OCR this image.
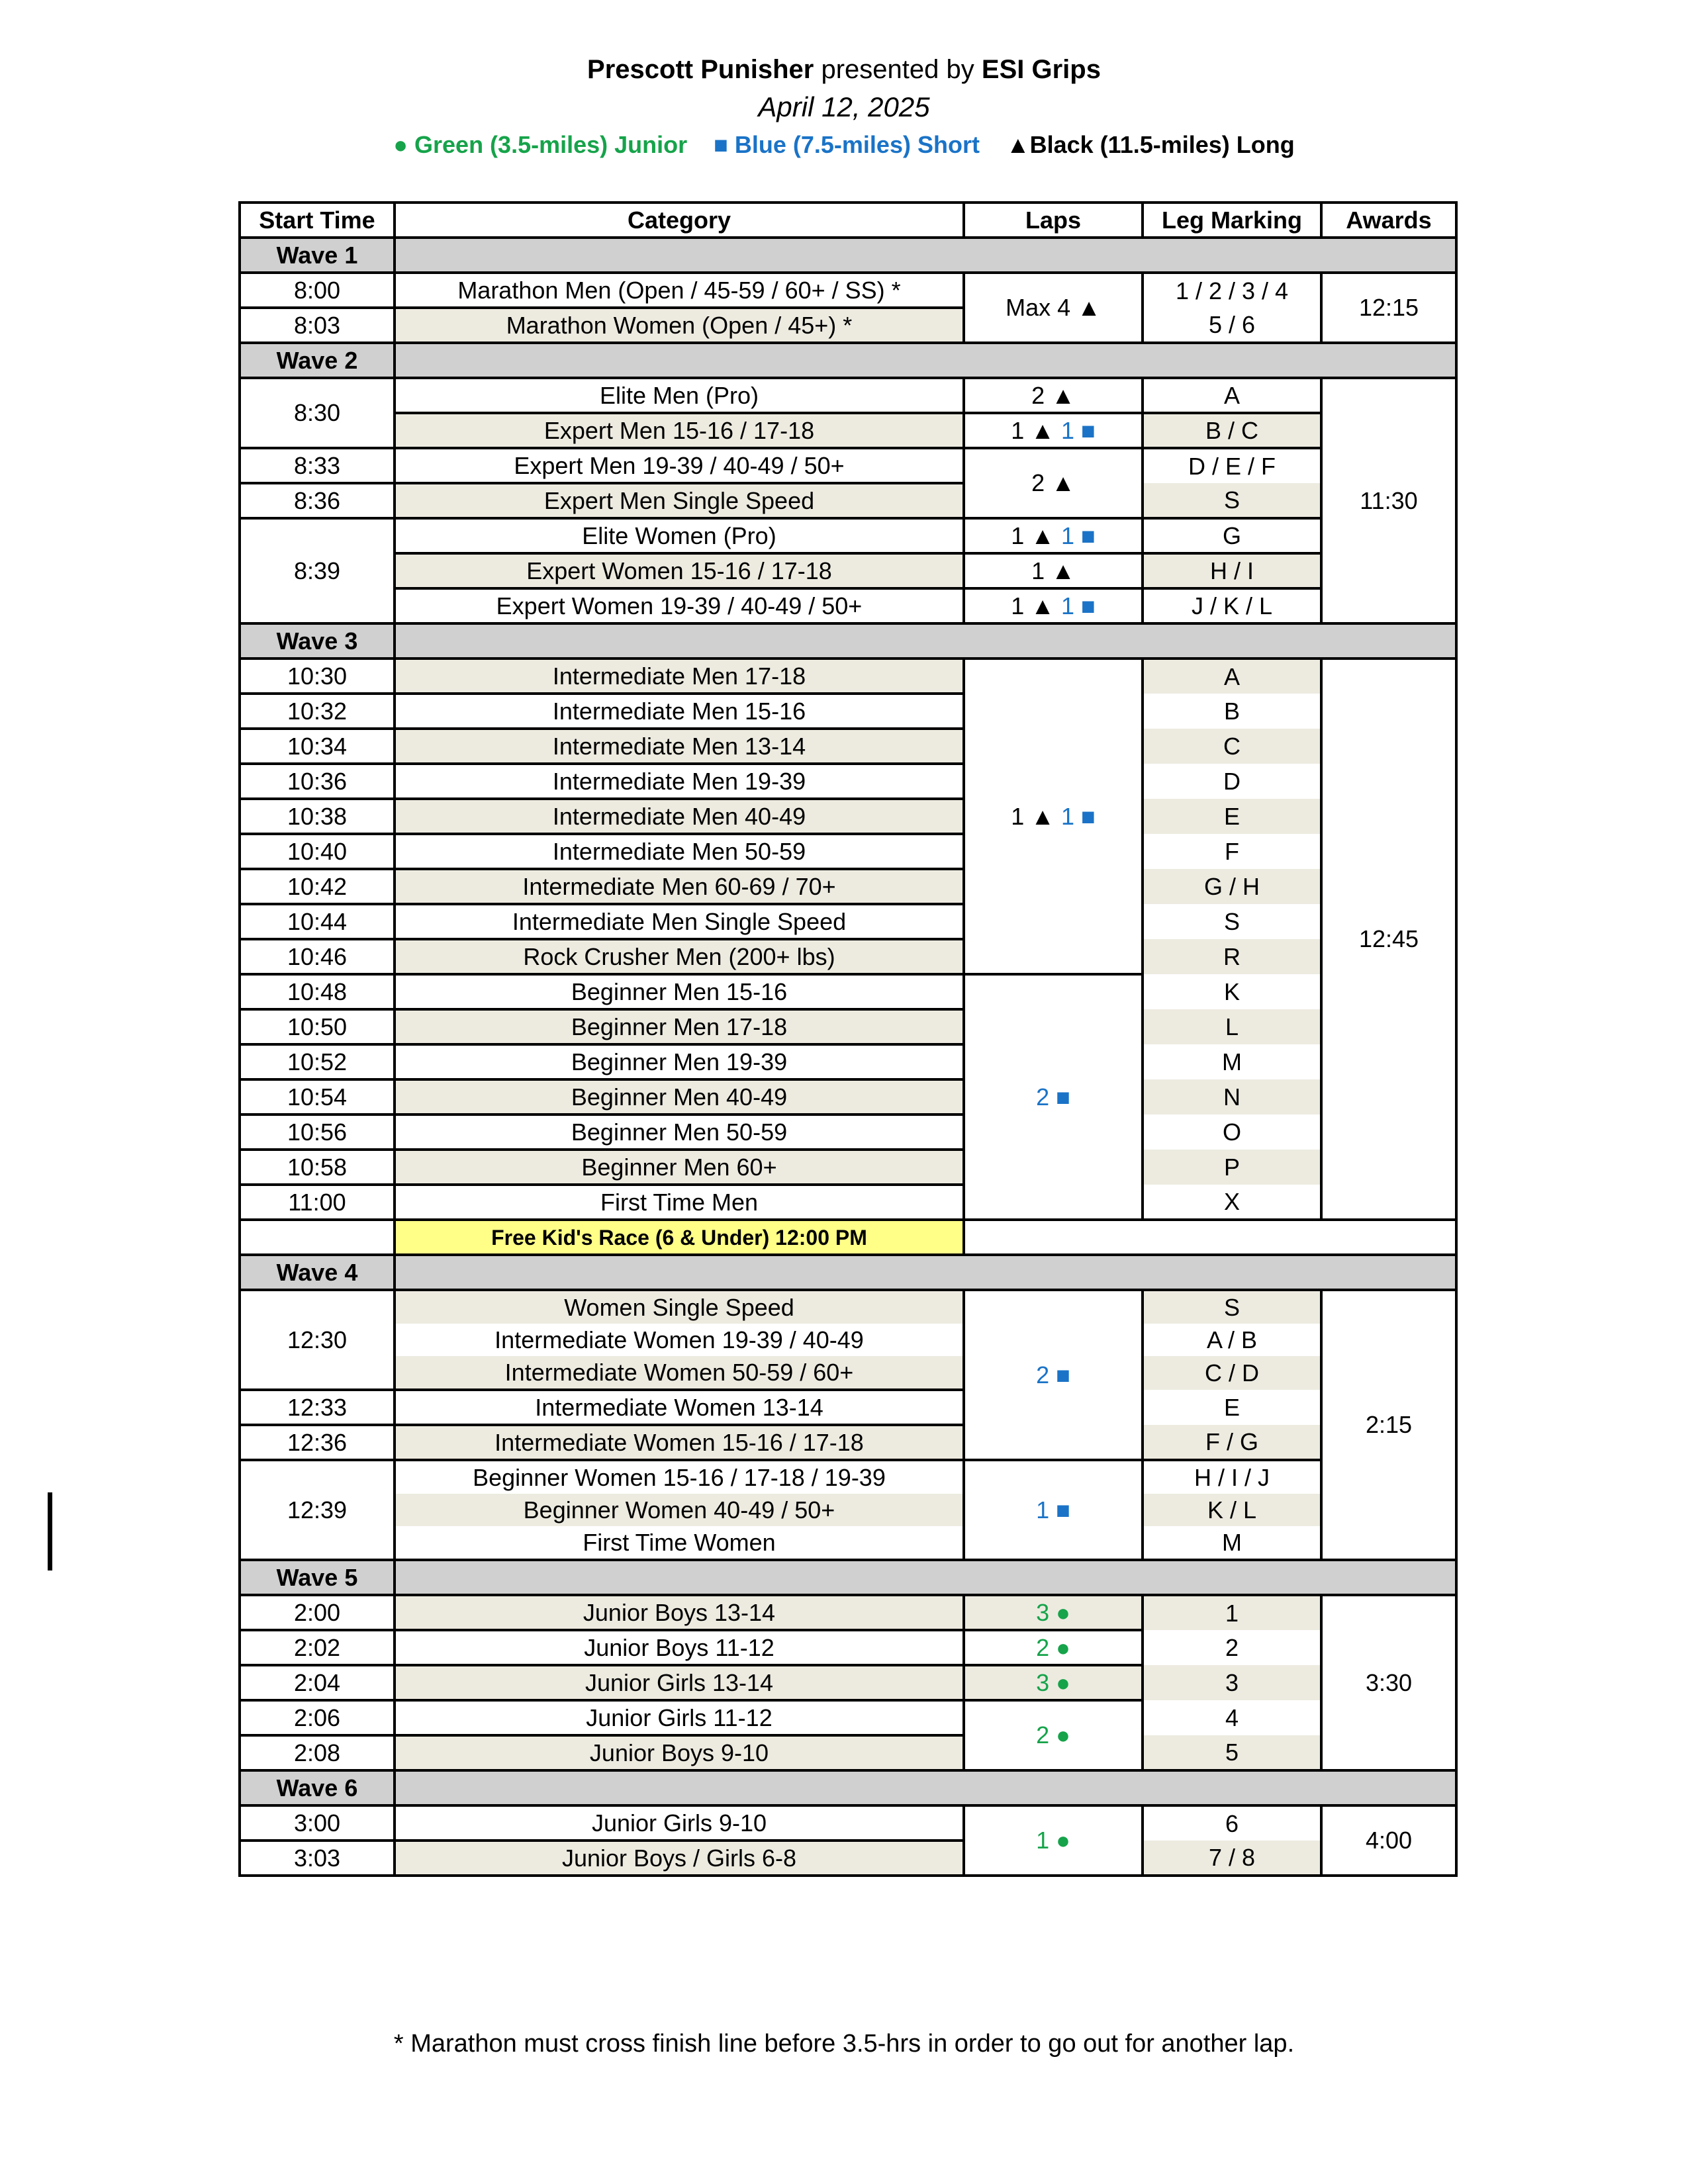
Prescott Punisher presented by ESI Grips
April 12, 2025
● Green (3.5-miles) Junior ■ Blue (7.5-miles) Short ▲Black (11.5-miles) Long
Start Time	Category	Laps	Leg Marking	Awards
Wave 1				
8:00	Marathon Men (Open / 45-59 / 60+ / SS) *	Max 4 ▲	1 / 2 / 3 / 4	12:15
8:03	Marathon Women (Open / 45+) *		5 / 6	
Wave 2				
8:30	Elite Men (Pro)	2 ▲	A	11:30
	Expert Men 15-16 / 17-18	1 ▲ 1 ■	B / C	
8:33	Expert Men 19-39 / 40-49 / 50+	2 ▲	D / E / F	
8:36	Expert Men Single Speed		S	
8:39	Elite Women (Pro)	1 ▲ 1 ■	G	
	Expert Women 15-16 / 17-18	1 ▲	H / I	
	Expert Women 19-39 / 40-49 / 50+	1 ▲ 1 ■	J / K / L	
Wave 3				
10:30	Intermediate Men 17-18	1 ▲ 1 ■	A	12:45
10:32	Intermediate Men 15-16		B	
10:34	Intermediate Men 13-14		C	
10:36	Intermediate Men 19-39		D	
10:38	Intermediate Men 40-49		E	
10:40	Intermediate Men 50-59		F	
10:42	Intermediate Men 60-69 / 70+		G / H	
10:44	Intermediate Men Single Speed		S	
10:46	Rock Crusher Men (200+ lbs)		R	
10:48	Beginner Men 15-16	2 ■	K	
10:50	Beginner Men 17-18		L	
10:52	Beginner Men 19-39		M	
10:54	Beginner Men 40-49		N	
10:56	Beginner Men 50-59		O	
10:58	Beginner Men 60+		P	
11:00	First Time Men		X	
	Free Kid's Race (6 & Under) 12:00 PM			
Wave 4				
12:30	Women Single Speed	2 ■	S	2:15
	Intermediate Women 19-39 / 40-49		A / B	
	Intermediate Women 50-59 / 60+		C / D	
12:33	Intermediate Women 13-14		E	
12:36	Intermediate Women 15-16 / 17-18		F / G	
12:39	Beginner Women 15-16 / 17-18 / 19-39	1 ■	H / I / J	
	Beginner Women 40-49 / 50+		K / L	
	First Time Women		M	
Wave 5				
2:00	Junior Boys 13-14	3 ●	1	3:30
2:02	Junior Boys 11-12	2 ●	2	
2:04	Junior Girls 13-14	3 ●	3	
2:06	Junior Girls 11-12	2 ●	4	
2:08	Junior Boys 9-10		5	
Wave 6				
3:00	Junior Girls 9-10	1 ●	6	4:00
3:03	Junior Boys / Girls 6-8		7 / 8	
* Marathon must cross finish line before 3.5-hrs in order to go out for another lap.
